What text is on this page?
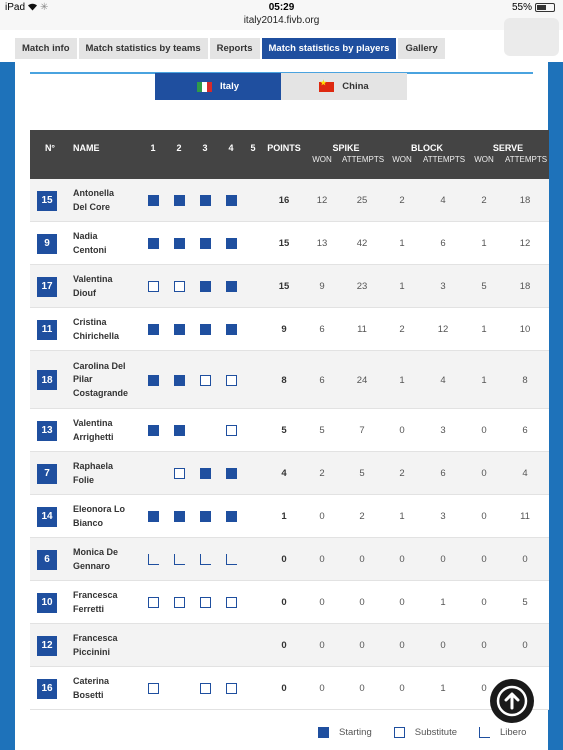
iPad ✳	05:29
italy2014.fivb.org
55%
Match info	Match statistics by teams	Reports	Match statistics by players	Gallery
Italy
★	China
N°	NAME	1 2 3 4 5	POINTS	SPIKE	BLOCK	SERVE
WON	ATTEMPTS	WON	ATTEMPTS	WON	ATTEMPTS
15
Antonella
Del Core
16	12	25	2	4	2	18
9
Nadia
Centoni
15	13	42	1	6	1	12
17
Valentina
Diouf
15	9	23	1	3	5	18
11
Cristina
Chirichella
9	6	11	2	12	1	10
18
Carolina Del
Pilar
Costagrande
8	6	24	1	4	1	8
13
Valentina
Arrighetti
5	5	7	0	3	0	6
7
Raphaela
Folie
4	2	5	2	6	0	4
14
Eleonora Lo
Bianco
1	0	2	1	3	0	11
6
Monica De
Gennaro
0	0	0	0	0	0	0
10
Francesca
Ferretti
0	0	0	0	1	0	5
12
Francesca
Piccinini
0	0	0	0	0	0	0
16
Caterina
Bosetti
0	0	0	0	1	0
Starting	Substitute	Libero
